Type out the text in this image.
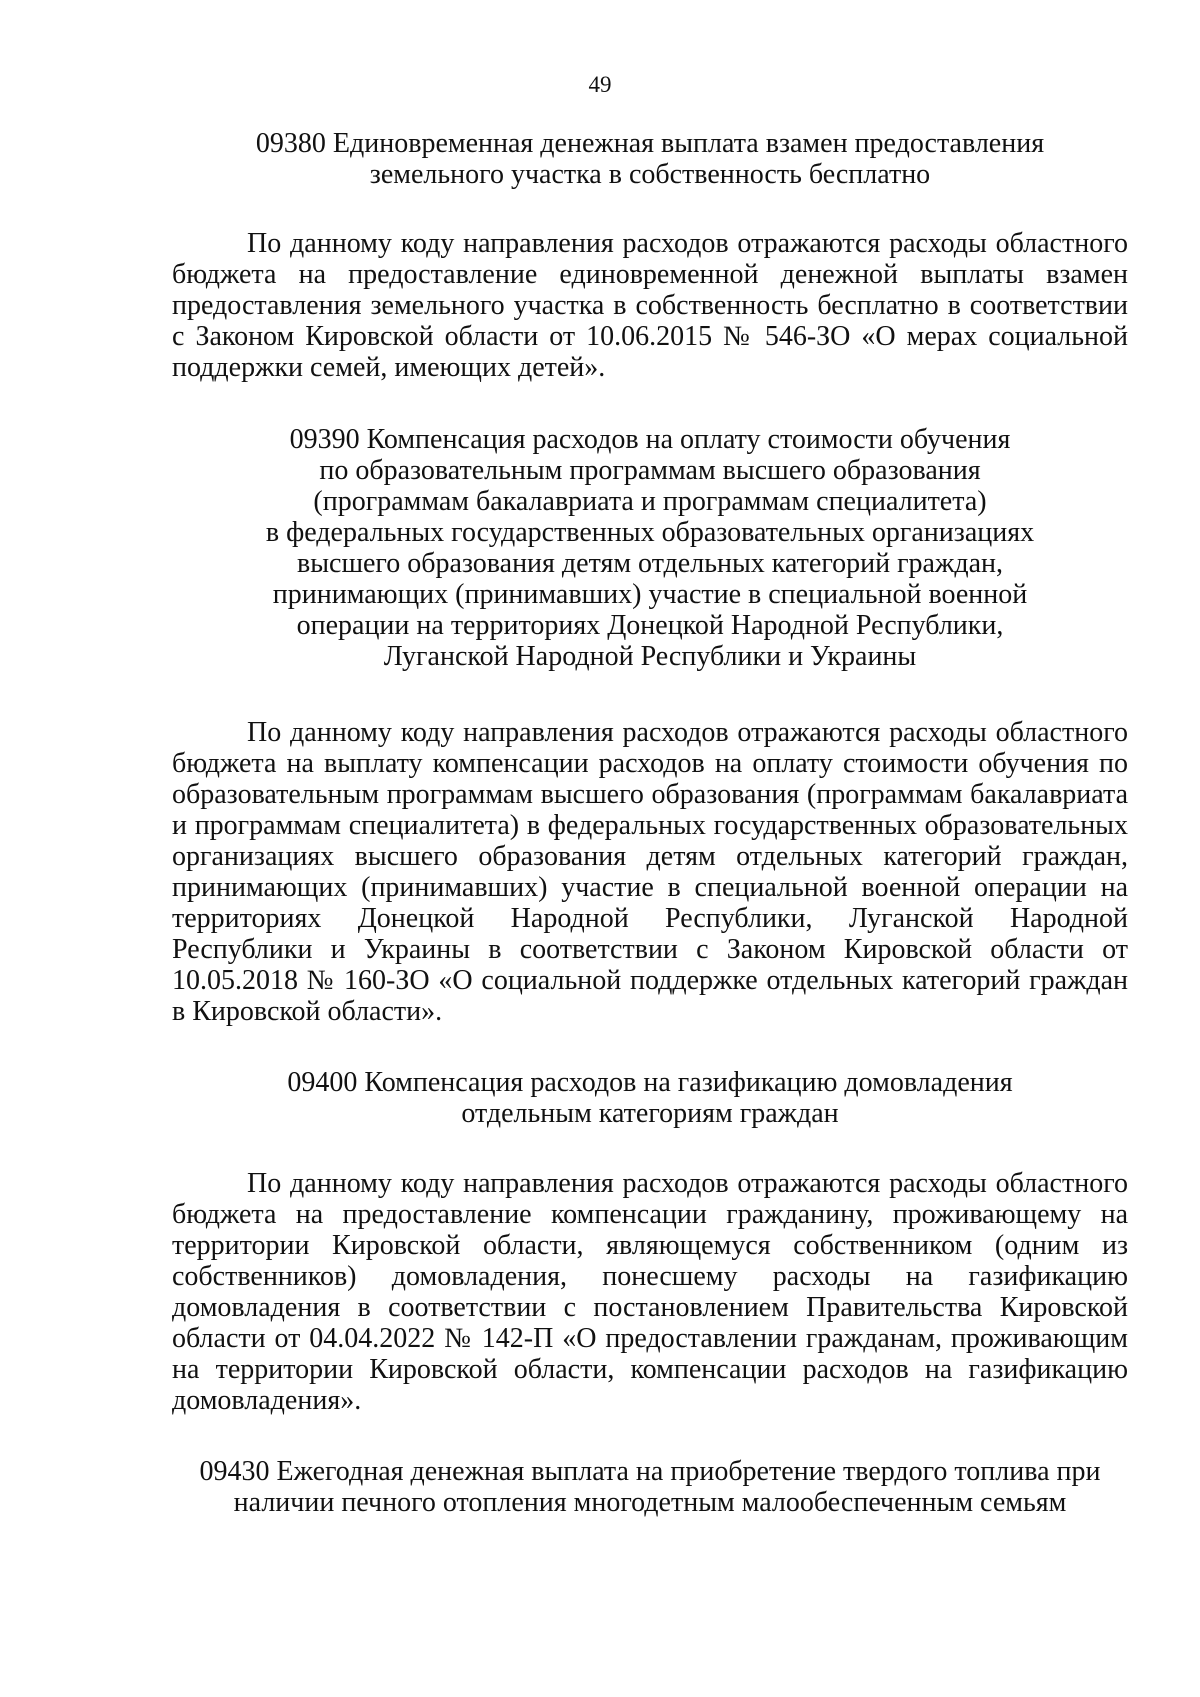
49
09380 Единовременная денежная выплата взамен предоставления
земельного участка в собственность бесплатно
По данному коду направления расходов отражаются расходы областного бюджета на предоставление единовременной денежной выплаты взамен предоставления земельного участка в собственность бесплатно в соответствии с Законом Кировской области от 10.06.2015 № 546-ЗО «О мерах социальной поддержки семей, имеющих детей».
09390 Компенсация расходов на оплату стоимости обучения
по образовательным программам высшего образования
(программам бакалавриата и программам специалитета)
в федеральных государственных образовательных организациях
высшего образования детям отдельных категорий граждан,
принимающих (принимавших) участие в специальной военной
операции на территориях Донецкой Народной Республики,
Луганской Народной Республики и Украины
По данному коду направления расходов отражаются расходы областного бюджета на выплату компенсации расходов на оплату стоимости обучения по образовательным программам высшего образования (программам бакалавриата и программам специалитета) в федеральных государственных образовательных организациях высшего образования детям отдельных категорий граждан, принимающих (принимавших) участие в специальной военной операции на территориях Донецкой Народной Республики, Луганской Народной Республики и Украины в соответствии с Законом Кировской области от 10.05.2018 № 160-ЗО «О социальной поддержке отдельных категорий граждан в Кировской области».
09400 Компенсация расходов на газификацию домовладения
отдельным категориям граждан
По данному коду направления расходов отражаются расходы областного бюджета на предоставление компенсации гражданину, проживающему на территории Кировской области, являющемуся собственником (одним из собственников) домовладения, понесшему расходы на газификацию домовладения в соответствии с постановлением Правительства Кировской области от 04.04.2022 № 142-П «О предоставлении гражданам, проживающим на территории Кировской области, компенсации расходов на газификацию домовладения».
09430 Ежегодная денежная выплата на приобретение твердого топлива при
наличии печного отопления многодетным малообеспеченным семьям
